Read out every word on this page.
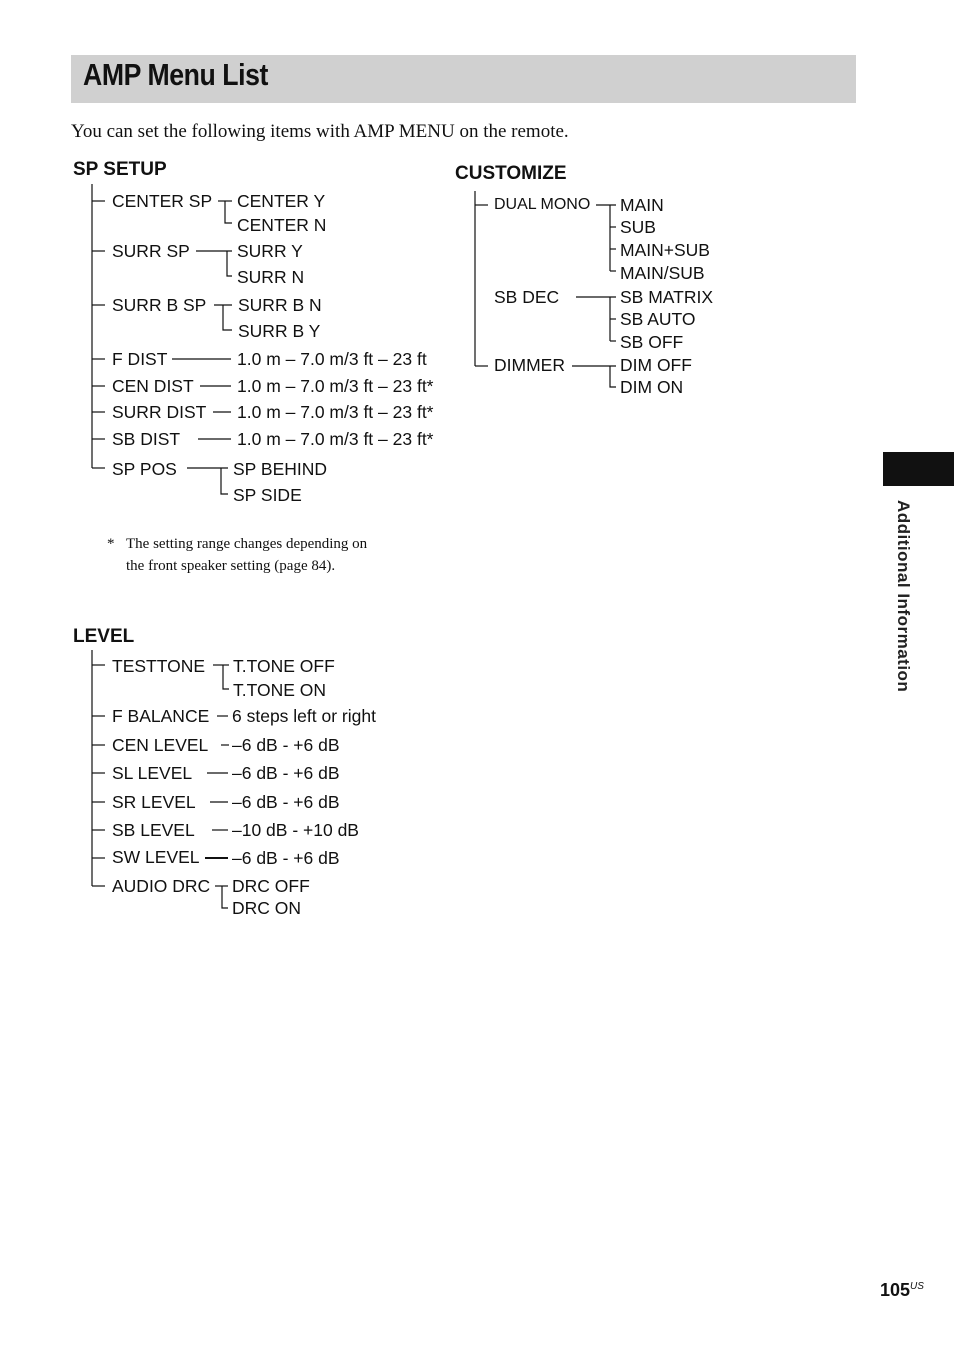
AMP Menu List
You can set the following items with AMP MENU on the remote.
SP SETUP
CENTER SP
SURR SP
SURR B SP
F DIST
CEN DIST
SURR DIST
SB DIST
SP POS
CENTER Y
CENTER N
SURR Y
SURR N
SURR B N
SURR B Y
1.0 m – 7.0 m/3 ft – 23 ft
1.0 m – 7.0 m/3 ft – 23 ft*
1.0 m – 7.0 m/3 ft – 23 ft*
1.0 m – 7.0 m/3 ft – 23 ft*
SP BEHIND
SP SIDE
* The setting range changes depending on
the front speaker setting (page 84).
CUSTOMIZE
DUAL MONO
SB DEC
DIMMER
MAIN
SUB
MAIN+SUB
MAIN/SUB
SB MATRIX
SB AUTO
SB OFF
DIM OFF
DIM ON
LEVEL
TESTTONE
F BALANCE
CEN LEVEL
SL LEVEL
SR LEVEL
SB LEVEL
SW LEVEL
AUDIO DRC
T.TONE OFF
T.TONE ON
6 steps left or right
–6 dB - +6 dB
–6 dB - +6 dB
–6 dB - +6 dB
–10 dB - +10 dB
–6 dB - +6 dB
DRC OFF
DRC ON
Additional Information
$105^{US}$
